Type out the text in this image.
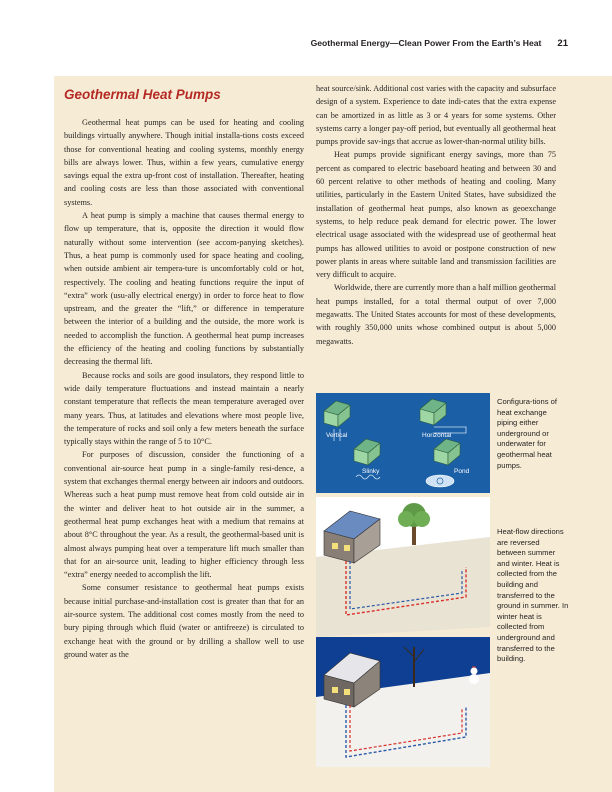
Geothermal Energy—Clean Power From the Earth’s Heat 21
Geothermal Heat Pumps

Geothermal heat pumps can be used for heating and cooling buildings virtually anywhere. Though initial installa-tions costs exceed those for conventional heating and cooling systems, monthly energy bills are always lower. Thus, within a few years, cumulative energy savings equal the extra up-front cost of installation. Thereafter, heating and cooling costs are less than those associated with conventional systems.

A heat pump is simply a machine that causes thermal energy to flow up temperature, that is, opposite the direction it would flow naturally without some intervention (see accom-panying sketches). Thus, a heat pump is commonly used for space heating and cooling, when outside ambient air tempera-ture is uncomfortably cold or hot, respectively. The cooling and heating functions require the input of “extra” work (usu-ally electrical energy) in order to force heat to flow upstream, and the greater the “lift,” or difference in temperature between the interior of a building and the outside, the more work is needed to accomplish the function. A geothermal heat pump increases the efficiency of the heating and cooling functions by substantially decreasing the thermal lift.

Because rocks and soils are good insulators, they respond little to wide daily temperature fluctuations and instead maintain a nearly constant temperature that reflects the mean temperature averaged over many years. Thus, at latitudes and elevations where most people live, the temperature of rocks and soil only a few meters beneath the surface typically stays within the range of 5 to 10°C.

For purposes of discussion, consider the functioning of a conventional air-source heat pump in a single-family resi-dence, a system that exchanges thermal energy between air indoors and outdoors. Whereas such a heat pump must remove heat from cold outside air in the winter and deliver heat to hot outside air in the summer, a geothermal heat pump exchanges heat with a medium that remains at about 8°C throughout the year. As a result, the geothermal-based unit is almost always pumping heat over a temperature lift much smaller than that for an air-source unit, leading to higher efficiency through less “extra” energy needed to accomplish the lift.

Some consumer resistance to geothermal heat pumps exists because initial purchase-and-installation cost is greater than that for an air-source system. The additional cost comes mostly from the need to bury piping through which fluid (water or antifreeze) is circulated to exchange heat with the ground or by drilling a shallow well to use ground water as the

heat source/sink. Additional cost varies with the capacity and subsurface design of a system. Experience to date indi-cates that the extra expense can be amortized in as little as 3 or 4 years for some systems. Other systems carry a longer pay-off period, but eventually all geothermal heat pumps provide sav-ings that accrue as lower-than-normal utility bills.

Heat pumps provide significant energy savings, more than 75 percent as compared to electric baseboard heating and between 30 and 60 percent relative to other methods of heating and cooling. Many utilities, particularly in the Eastern United States, have subsidized the installation of geothermal heat pumps, also known as geoexchange systems, to help reduce peak demand for electric power. The lower electrical usage associated with the widespread use of geothermal heat pumps has allowed utilities to avoid or postpone construction of new power plants in areas where suitable land and transmission facilities are very difficult to acquire.

Worldwide, there are currently more than a half million geothermal heat pumps installed, for a total thermal output of over 7,000 megawatts. The United States accounts for most of these developments, with roughly 350,000 units whose combined output is about 5,000 megawatts.

Vertical	Horizontal
Slinky	Pond
Configura-tions of heat exchange piping either underground or underwater for geothermal heat pumps.
Heat-flow directions are reversed between summer and winter. Heat is collected from the building and transferred to the ground in summer. In winter heat is collected from underground and transferred to the building.
